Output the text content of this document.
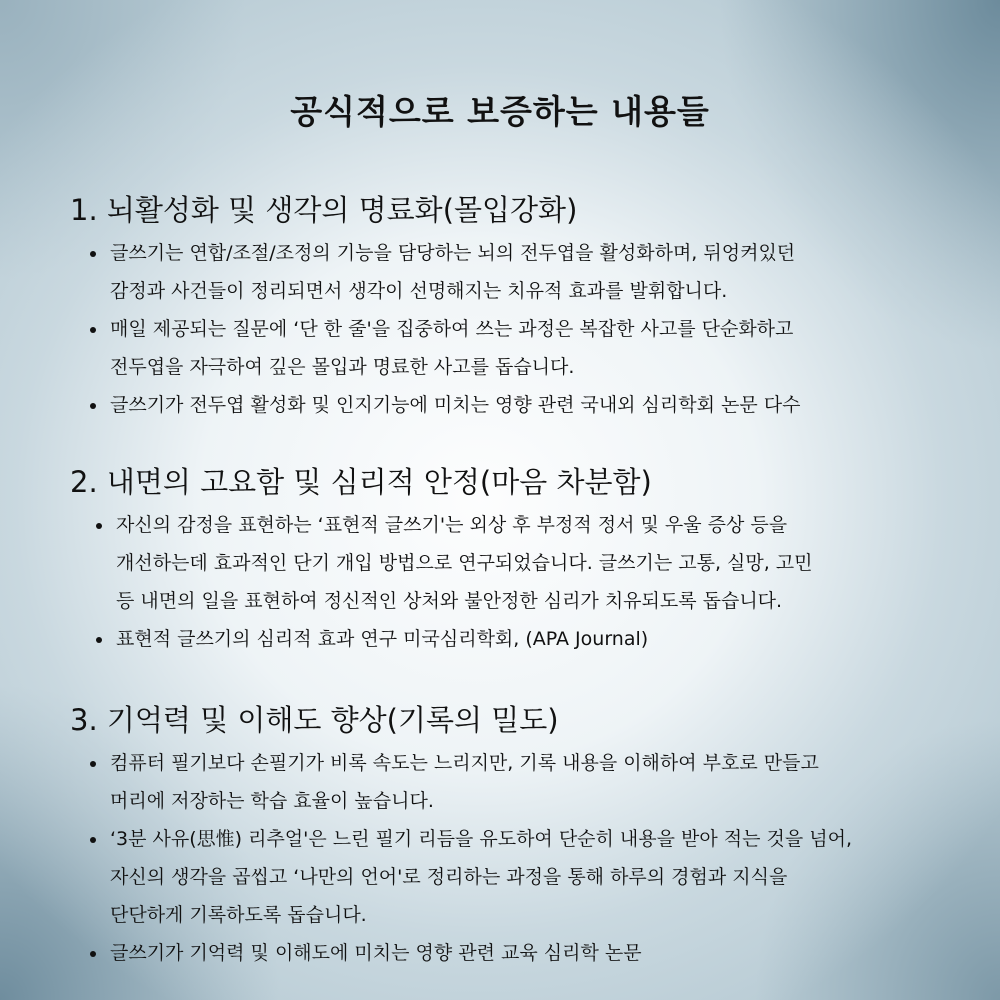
공식적으로 보증하는 내용들
1. 뇌활성화 및 생각의 명료화(몰입강화)
글쓰기는 연합/조절/조정의 기능을 담당하는 뇌의 전두엽을 활성화하며, 뒤엉켜있던
감정과 사건들이 정리되면서 생각이 선명해지는 치유적 효과를 발휘합니다.
매일 제공되는 질문에 ‘단 한 줄'을 집중하여 쓰는 과정은 복잡한 사고를 단순화하고
전두엽을 자극하여 깊은 몰입과 명료한 사고를 돕습니다.
글쓰기가 전두엽 활성화 및 인지기능에 미치는 영향 관련 국내외 심리학회 논문 다수
2. 내면의 고요함 및 심리적 안정(마음 차분함)
자신의 감정을 표현하는 ‘표현적 글쓰기'는 외상 후 부정적 정서 및 우울 증상 등을
개선하는데 효과적인 단기 개입 방법으로 연구되었습니다. 글쓰기는 고통, 실망, 고민
등 내면의 일을 표현하여 정신적인 상처와 불안정한 심리가 치유되도록 돕습니다.
표현적 글쓰기의 심리적 효과 연구 미국심리학회, (APA Journal)
3. 기억력 및 이해도 향상(기록의 밀도)
컴퓨터 필기보다 손필기가 비록 속도는 느리지만, 기록 내용을 이해하여 부호로 만들고
머리에 저장하는 학습 효율이 높습니다.
‘3분 사유(思惟) 리추얼'은 느린 필기 리듬을 유도하여 단순히 내용을 받아 적는 것을 넘어,
자신의 생각을 곱씹고 ‘나만의 언어'로 정리하는 과정을 통해 하루의 경험과 지식을
단단하게 기록하도록 돕습니다.
글쓰기가 기억력 및 이해도에 미치는 영향 관련 교육 심리학 논문
